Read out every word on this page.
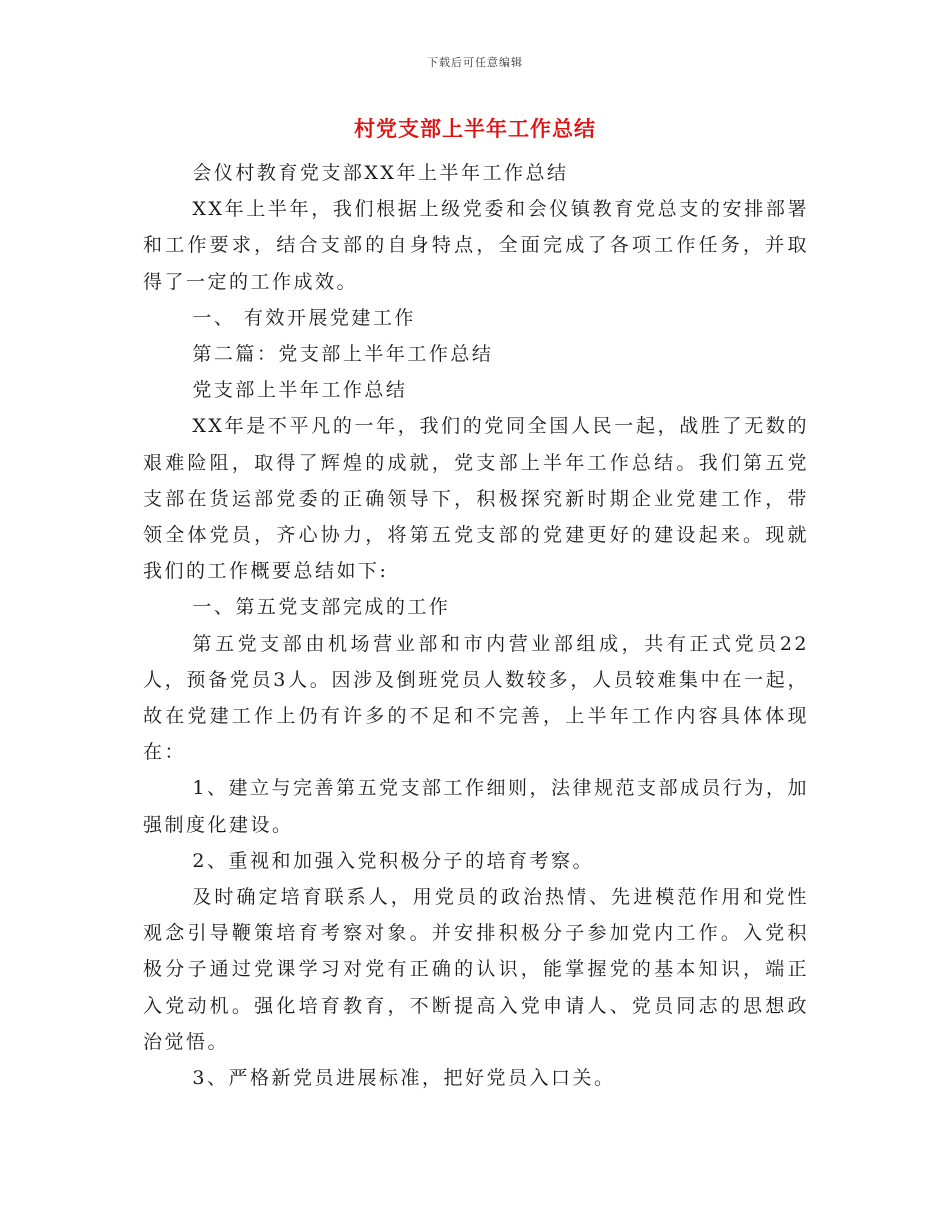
下载后可任意编辑
村党支部上半年工作总结

会仪村教育党支部XX年上半年工作总结

XX年上半年，我们根据上级党委和会仪镇教育党总支的安排部署和工作要求，结合支部的自身特点，全面完成了各项工作任务，并取得了一定的工作成效。

一、 有效开展党建工作

第二篇：党支部上半年工作总结

党支部上半年工作总结

XX年是不平凡的一年，我们的党同全国人民一起，战胜了无数的艰难险阻，取得了辉煌的成就，党支部上半年工作总结。我们第五党支部在货运部党委的正确领导下，积极探究新时期企业党建工作，带领全体党员，齐心协力，将第五党支部的党建更好的建设起来。现就我们的工作概要总结如下:

一、第五党支部完成的工作

第五党支部由机场营业部和市内营业部组成，共有正式党员22人，预备党员3人。因涉及倒班党员人数较多，人员较难集中在一起，故在党建工作上仍有许多的不足和不完善，上半年工作内容具体体现在：

1、建立与完善第五党支部工作细则，法律规范支部成员行为，加强制度化建设。

2、重视和加强入党积极分子的培育考察。

及时确定培育联系人，用党员的政治热情、先进模范作用和党性观念引导鞭策培育考察对象。并安排积极分子参加党内工作。入党积极分子通过党课学习对党有正确的认识，能掌握党的基本知识，端正入党动机。强化培育教育，不断提高入党申请人、党员同志的思想政治觉悟。

3、严格新党员进展标准，把好党员入口关。
